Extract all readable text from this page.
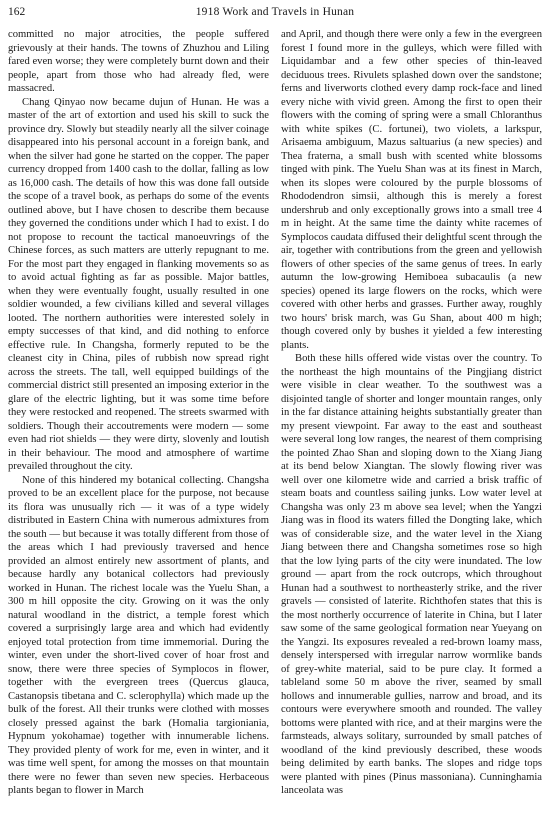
162	1918 Work and Travels in Hunan

committed no major atrocities, the people suffered grievously at their hands. The towns of Zhuzhou and Liling fared even worse; they were completely burnt down and their people, apart from those who had already fled, were massacred.

Chang Qinyao now became dujun of Hunan. He was a master of the art of extortion and used his skill to suck the province dry. Slowly but steadily nearly all the silver coinage disappeared into his personal account in a foreign bank, and when the silver had gone he started on the copper. The paper currency dropped from 1400 cash to the dollar, falling as low as 16,000 cash. The details of how this was done fall outside the scope of a travel book, as perhaps do some of the events outlined above, but I have chosen to describe them because they governed the conditions under which I had to exist. I do not propose to recount the tactical manoeuvrings of the Chinese forces, as such matters are utterly repugnant to me. For the most part they engaged in flanking movements so as to avoid actual fighting as far as possible. Major battles, when they were eventually fought, usually resulted in one soldier wounded, a few civilians killed and several villages looted. The northern authorities were interested solely in empty successes of that kind, and did nothing to enforce effective rule. In Changsha, formerly reputed to be the cleanest city in China, piles of rubbish now spread right across the streets. The tall, well equipped buildings of the commercial district still presented an imposing exterior in the glare of the electric lighting, but it was some time before they were restocked and reopened. The streets swarmed with soldiers. Though their accoutrements were modern — some even had riot shields — they were dirty, slovenly and loutish in their behaviour. The mood and atmosphere of wartime prevailed throughout the city.

None of this hindered my botanical collecting. Changsha proved to be an excellent place for the purpose, not because its flora was unusually rich — it was of a type widely distributed in Eastern China with numerous admixtures from the south — but because it was totally different from those of the areas which I had previously traversed and hence provided an almost entirely new assortment of plants, and because hardly any botanical collectors had previously worked in Hunan. The richest locale was the Yuelu Shan, a 300 m hill opposite the city. Growing on it was the only natural woodland in the district, a temple forest which covered a surprisingly large area and which had evidently enjoyed total protection from time immemorial. During the winter, even under the short-lived cover of hoar frost and snow, there were three species of Symplocos in flower, together with the evergreen trees (Quercus glauca, Castanopsis tibetana and C. sclerophylla) which made up the bulk of the forest. All their trunks were clothed with mosses closely pressed against the bark (Homalia targioniania, Hypnum yokohamae) together with innumerable lichens. They provided plenty of work for me, even in winter, and it was time well spent, for among the mosses on that mountain there were no fewer than seven new species. Herbaceous plants began to flower in March

and April, and though there were only a few in the evergreen forest I found more in the gulleys, which were filled with Liquidambar and a few other species of thin-leaved deciduous trees. Rivulets splashed down over the sandstone; ferns and liverworts clothed every damp rock-face and lined every niche with vivid green. Among the first to open their flowers with the coming of spring were a small Chloranthus with white spikes (C. fortunei), two violets, a larkspur, Arisaema ambiguum, Mazus saltuarius (a new species) and Thea fraterna, a small bush with scented white blossoms tinged with pink. The Yuelu Shan was at its finest in March, when its slopes were coloured by the purple blossoms of Rhododendron simsii, although this is merely a forest undershrub and only exceptionally grows into a small tree 4 m in height. At the same time the dainty white racemes of Symplocos caudata diffused their delightful scent through the air, together with contributions from the green and yellowish flowers of other species of the same genus of trees. In early autumn the low-growing Hemiboea subacaulis (a new species) opened its large flowers on the rocks, which were covered with other herbs and grasses. Further away, roughly two hours' brisk march, was Gu Shan, about 400 m high; though covered only by bushes it yielded a few interesting plants.

Both these hills offered wide vistas over the country. To the northeast the high mountains of the Pingjiang district were visible in clear weather. To the southwest was a disjointed tangle of shorter and longer mountain ranges, only in the far distance attaining heights substantially greater than my present viewpoint. Far away to the east and southeast were several long low ranges, the nearest of them comprising the pointed Zhao Shan and sloping down to the Xiang Jiang at its bend below Xiangtan. The slowly flowing river was well over one kilometre wide and carried a brisk traffic of steam boats and countless sailing junks. Low water level at Changsha was only 23 m above sea level; when the Yangzi Jiang was in flood its waters filled the Dongting lake, which was of considerable size, and the water level in the Xiang Jiang between there and Changsha sometimes rose so high that the low lying parts of the city were inundated. The low ground — apart from the rock outcrops, which throughout Hunan had a southwest to northeasterly strike, and the river gravels — consisted of laterite. Richthofen states that this is the most northerly occurrence of laterite in China, but I later saw some of the same geological formation near Yueyang on the Yangzi. Its exposures revealed a red-brown loamy mass, densely interspersed with irregular narrow wormlike bands of grey-white material, said to be pure clay. It formed a tableland some 50 m above the river, seamed by small hollows and innumerable gullies, narrow and broad, and its contours were everywhere smooth and rounded. The valley bottoms were planted with rice, and at their margins were the farmsteads, always solitary, surrounded by small patches of woodland of the kind previously described, these woods being delimited by earth banks. The slopes and ridge tops were planted with pines (Pinus massoniana). Cunninghamia lanceolata was
